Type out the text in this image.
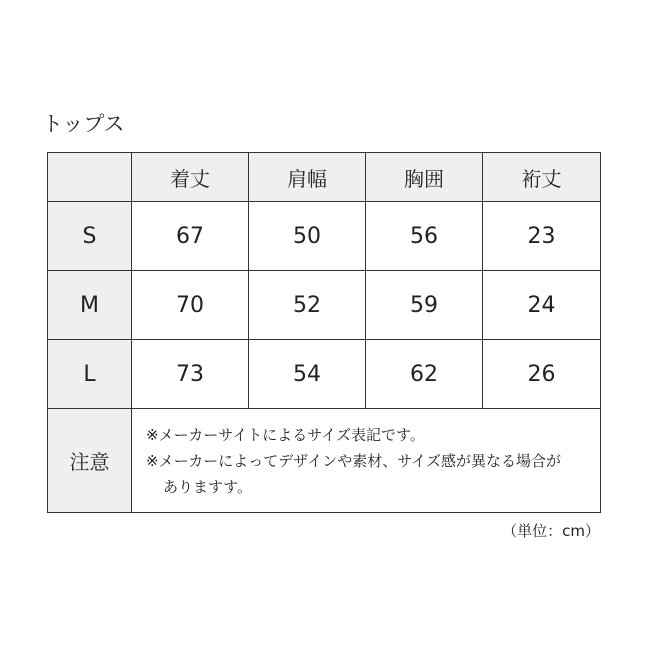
トップス
	着丈	肩幅	胸囲	裄丈
S	67	50	56	23
M	70	52	59	24
L	73	54	62	26
注意	※メーカーサイトによるサイズ表記です。
※メーカーによってデザインや素材、サイズ感が異なる場合が
ありますす。			
（単位：cm）
